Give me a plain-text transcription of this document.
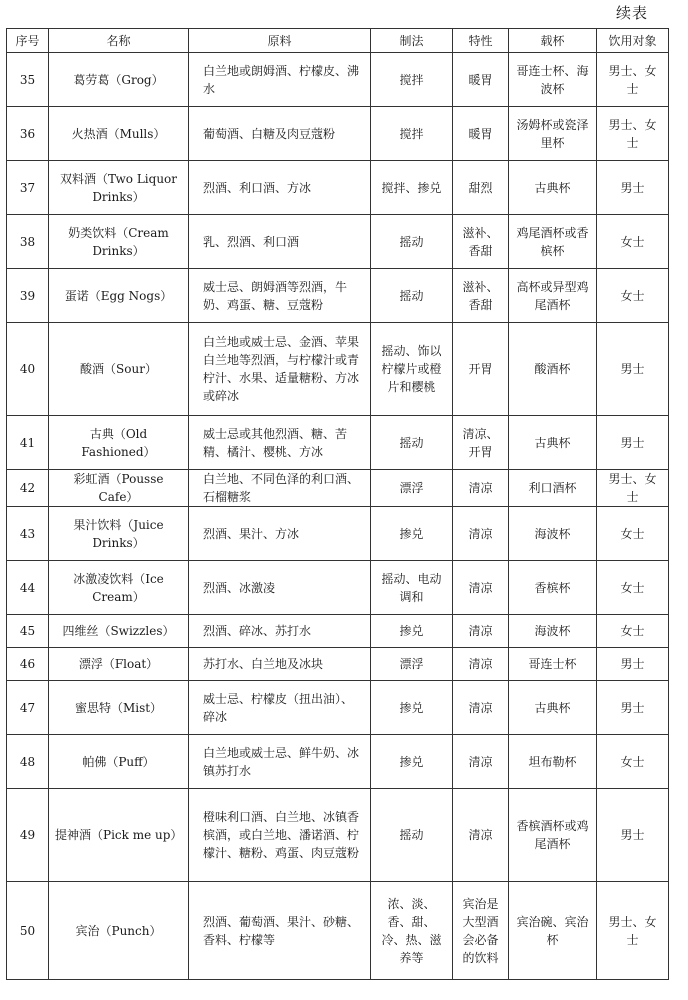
续表
序号	名称	原料	制法	特性	载杯	饮用对象
35	葛劳葛（Grog）	白兰地或朗姆酒、柠檬皮、沸水	搅拌	暖胃	哥连士杯、海波杯	男士、女士
36	火热酒（Mulls）	葡萄酒、白糖及肉豆蔻粉	搅拌	暖胃	汤姆杯或瓷泽里杯	男士、女士
37	双料酒（Two Liquor Drinks）	烈酒、利口酒、方冰	搅拌、掺兑	甜烈	古典杯	男士
38	奶类饮料（Cream Drinks）	乳、烈酒、利口酒	摇动	滋补、香甜	鸡尾酒杯或香槟杯	女士
39	蛋诺（Egg Nogs）	威士忌、朗姆酒等烈酒，牛奶、鸡蛋、糖、豆蔻粉	摇动	滋补、香甜	高杯或异型鸡尾酒杯	女士
40	酸酒（Sour）	白兰地或威士忌、金酒、苹果白兰地等烈酒，与柠檬汁或青柠汁、水果、适量糖粉、方冰或碎冰	摇动、饰以柠檬片或橙片和樱桃	开胃	酸酒杯	男士
41	古典（Old Fashioned）	威士忌或其他烈酒、糖、苦精、橘汁、樱桃、方冰	摇动	清凉、开胃	古典杯	男士
42	彩虹酒（Pousse Cafe）	白兰地、不同色泽的利口酒、石榴糖浆	漂浮	清凉	利口酒杯	男士、女士
43	果汁饮料（Juice Drinks）	烈酒、果汁、方冰	掺兑	清凉	海波杯	女士
44	冰激凌饮料（Ice Cream）	烈酒、冰激凌	摇动、电动调和	清凉	香槟杯	女士
45	四维丝（Swizzles）	烈酒、碎冰、苏打水	掺兑	清凉	海波杯	女士
46	漂浮（Float）	苏打水、白兰地及冰块	漂浮	清凉	哥连士杯	男士
47	蜜思特（Mist）	威士忌、柠檬皮（扭出油）、碎冰	掺兑	清凉	古典杯	男士
48	帕佛（Puff）	白兰地或威士忌、鲜牛奶、冰镇苏打水	掺兑	清凉	坦布勒杯	女士
49	提神酒（Pick me up）	橙味利口酒、白兰地、冰镇香槟酒，或白兰地、潘诺酒、柠檬汁、糖粉、鸡蛋、肉豆蔻粉	摇动	清凉	香槟酒杯或鸡尾酒杯	男士
50	宾治（Punch）	烈酒、葡萄酒、果汁、砂糖、香料、柠檬等	浓、淡、香、甜、冷、热、滋养等	宾治是大型酒会必备的饮料	宾治碗、宾治杯	男士、女士
